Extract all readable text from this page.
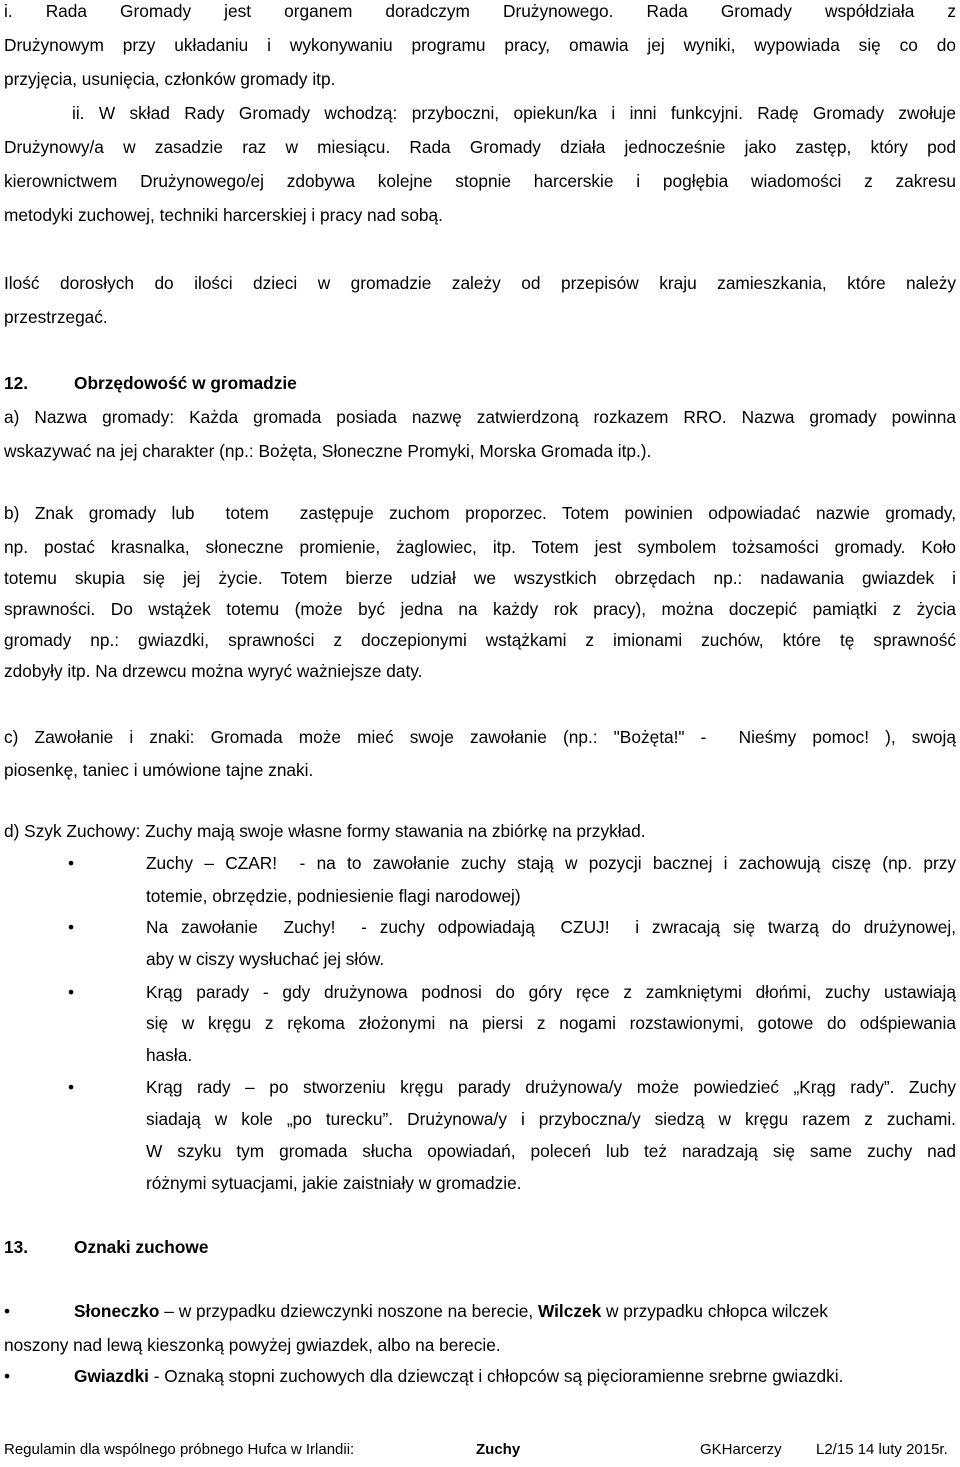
i. Rada Gromady jest organem doradczym Drużynowego. Rada Gromady współdziała z
Drużynowym przy układaniu i wykonywaniu programu pracy, omawia jej wyniki, wypowiada się co do
przyjęcia, usunięcia, członków gromady itp.
ii. W skład Rady Gromady wchodzą: przyboczni, opiekun/ka i inni funkcyjni. Radę Gromady zwołuje
Drużynowy/a w zasadzie raz w miesiącu. Rada Gromady działa jednocześnie jako zastęp, który pod
kierownictwem Drużynowego/ej zdobywa kolejne stopnie harcerskie i pogłębia wiadomości z zakresu
metodyki zuchowej, techniki harcerskiej i pracy nad sobą.
Ilość dorosłych do ilości dzieci w gromadzie zależy od przepisów kraju zamieszkania, które należy
przestrzegać.
12.	Obrzędowość w gromadzie
a) Nazwa gromady: Każda gromada posiada nazwę zatwierdzoną rozkazem RRO. Nazwa gromady powinna
wskazywać na jej charakter (np.: Bożęta, Słoneczne Promyki, Morska Gromada itp.).
b) Znak gromady lub  totem  zastępuje zuchom proporzec. Totem powinien odpowiadać nazwie gromady,
np. postać krasnalka, słoneczne promienie, żaglowiec, itp. Totem jest symbolem tożsamości gromady. Koło
totemu skupia się jej życie. Totem bierze udział we wszystkich obrzędach np.: nadawania gwiazdek i
sprawności. Do wstążek totemu (może być jedna na każdy rok pracy), można doczepić pamiątki z życia
gromady np.: gwiazdki, sprawności z doczepionymi wstążkami z imionami zuchów, które tę sprawność
zdobyły itp. Na drzewcu można wyryć ważniejsze daty.
c) Zawołanie i znaki: Gromada może mieć swoje zawołanie (np.: "Bożęta!" -  Nieśmy pomoc! ), swoją
piosenkę, taniec i umówione tajne znaki.
d) Szyk Zuchowy: Zuchy mają swoje własne formy stawania na zbiórkę na przykład.
•	Zuchy – CZAR!  - na to zawołanie zuchy stają w pozycji bacznej i zachowują ciszę (np. przy
totemie, obrzędzie, podniesienie flagi narodowej)
•	Na zawołanie  Zuchy!  - zuchy odpowiadają  CZUJ!  i zwracają się twarzą do drużynowej,
aby w ciszy wysłuchać jej słów.
•	Krąg parady - gdy drużynowa podnosi do góry ręce z zamkniętymi dłońmi, zuchy ustawiają
się w kręgu z rękoma złożonymi na piersi z nogami rozstawionymi, gotowe do odśpiewania
hasła.
•	Krąg rady – po stworzeniu kręgu parady drużynowa/y może powiedzieć „Krąg rady”. Zuchy
siadają w kole „po turecku”. Drużynowa/y i przyboczna/y siedzą w kręgu razem z zuchami.
W szyku tym gromada słucha opowiadań, poleceń lub też naradzają się same zuchy nad
różnymi sytuacjami, jakie zaistniały w gromadzie.
13.	Oznaki zuchowe
•	Słoneczko – w przypadku dziewczynki noszone na berecie, Wilczek w przypadku chłopca wilczek
noszony nad lewą kieszonką powyżej gwiazdek, albo na berecie.
•	Gwiazdki - Oznaką stopni zuchowych dla dziewcząt i chłopców są pięcioramienne srebrne gwiazdki.
Regulamin dla wspólnego próbnego Hufca w Irlandii:	Zuchy	GKHarcerzy L2/15 14 luty 2015r.
